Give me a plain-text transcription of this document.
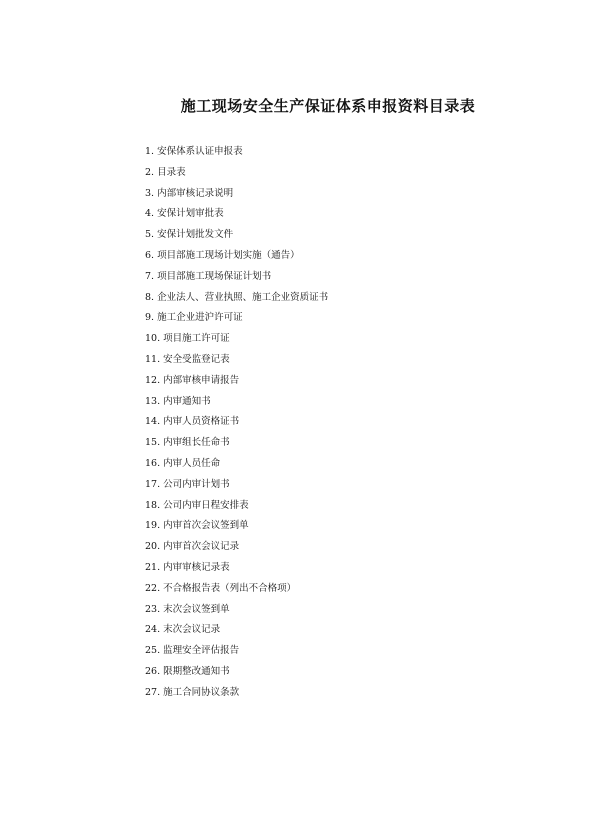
施工现场安全生产保证体系申报资料目录表
1. 安保体系认证申报表
2. 目录表
3. 内部审核记录说明
4. 安保计划审批表
5. 安保计划批发文件
6. 项目部施工现场计划实施（通告）
7. 项目部施工现场保证计划书
8. 企业法人、营业执照、施工企业资质证书
9. 施工企业进沪许可证
10. 项目施工许可证
11. 安全受监登记表
12. 内部审核申请报告
13. 内审通知书
14. 内审人员资格证书
15. 内审组长任命书
16. 内审人员任命
17. 公司内审计划书
18. 公司内审日程安排表
19. 内审首次会议签到单
20. 内审首次会议记录
21. 内审审核记录表
22. 不合格报告表（列出不合格项）
23. 末次会议签到单
24. 末次会议记录
25. 监理安全评估报告
26. 限期整改通知书
27. 施工合同协议条款
